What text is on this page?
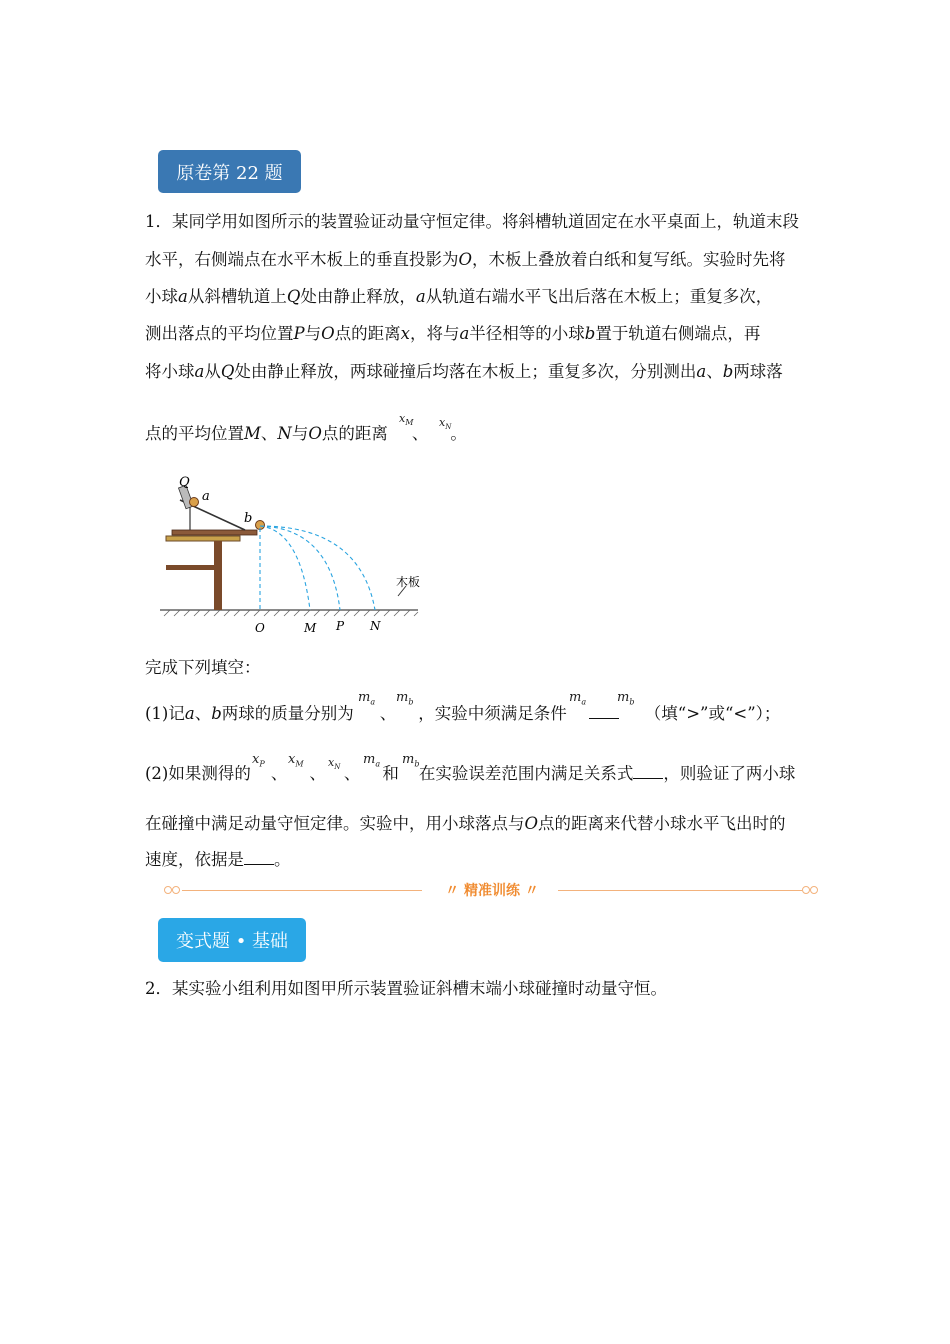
原卷第 22 题
1．某同学用如图所示的装置验证动量守恒定律。将斜槽轨道固定在水平桌面上，轨道末段
水平，右侧端点在水平木板上的垂直投影为O，木板上叠放着白纸和复写纸。实验时先将
小球a从斜槽轨道上Q处由静止释放，a从轨道右端水平飞出后落在木板上；重复多次，
测出落点的平均位置P与O点的距离x，将与a半径相等的小球b置于轨道右侧端点，再
将小球a从Q处由静止释放，两球碰撞后均落在木板上；重复多次，分别测出a、b两球落
点的平均位置M、N与O点的距离 、 。
$x_M$ $x_N$
Q
a
b
木板
O	M P N
完成下列填空：
(1)记a、b两球的质量分别为 、 ，实验中须满足条件	（填“>”或“<”）；
$m_a$ $m_b$	$m_a$ $m_b$
(2)如果测得的 、 、 、 和 在实验误差范围内满足关系式 ，则验证了两小球
$x_P$ $x_M$ $x_N$
$m_a$ $m_b$
在碰撞中满足动量守恒定律。实验中，用小球落点与O点的距离来代替小球水平飞出时的
速度，依据是 。
〃 精准训练 〃
变式题 • 基础
2．某实验小组利用如图甲所示装置验证斜槽末端小球碰撞时动量守恒。
